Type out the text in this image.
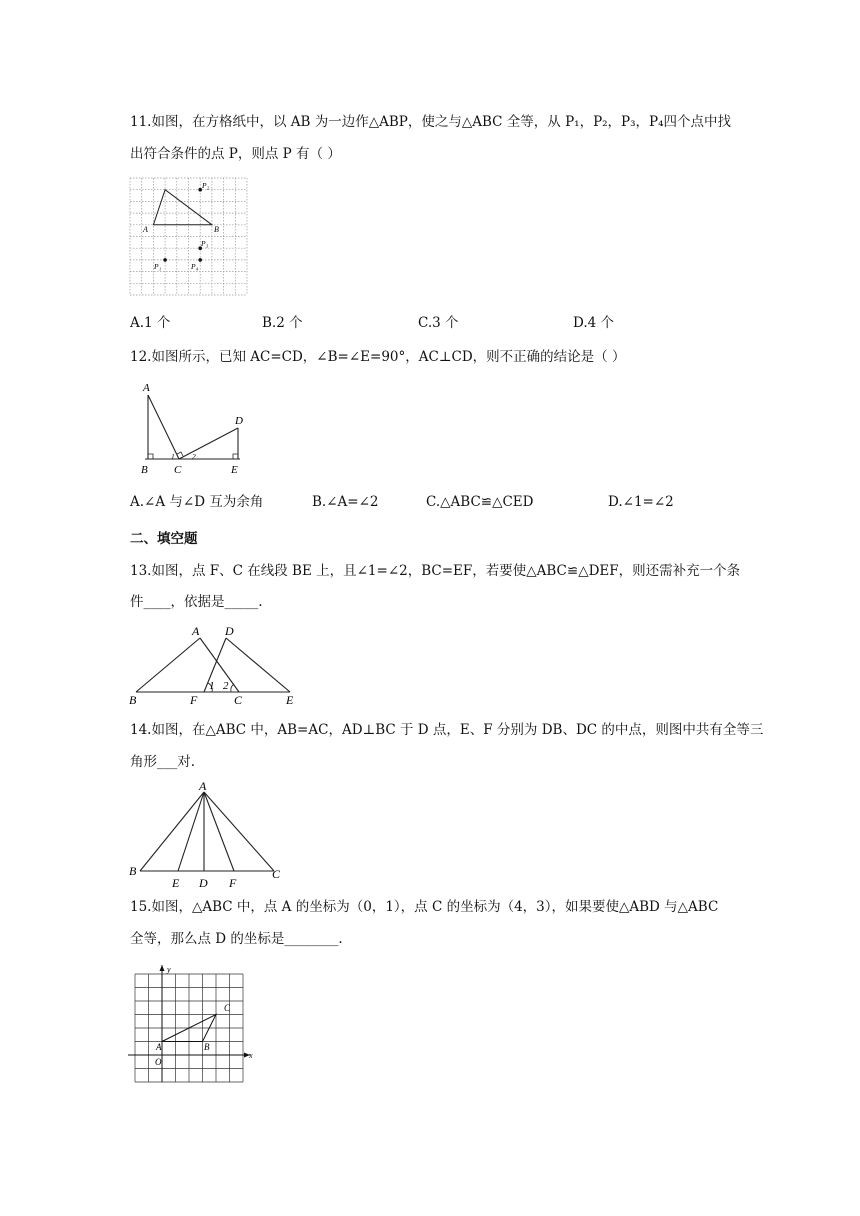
11.如图，在方格纸中，以 AB 为一边作△ABP，使之与△ABC 全等，从 P₁，P₂，P₃，P₄四个点中找
出符合条件的点 P，则点 P 有（ ）
A	B
P₂
P₃
P₄
P₁
A.1 个	B.2 个	C.3 个	D.4 个
12.如图所示，已知 AC=CD，∠B=∠E=90°，AC⊥CD，则不正确的结论是（ ）
A
B C
D
E
1 2
A.∠A 与∠D 互为余角	B.∠A=∠2	C.△ABC≌△CED	D.∠1=∠2
二、填空题
13.如图，点 F、C 在线段 BE 上，且∠1=∠2，BC=EF，若要使△ABC≌△DEF，则还需补充一个条
件____，依据是_____.
A D
B	F	C	E
1 2
14.如图，在△ABC 中，AB=AC，AD⊥BC 于 D 点，E、F 分别为 DB、DC 的中点，则图中共有全等三
角形___对.
A
B
E D F
C
15.如图，△ABC 中，点 A 的坐标为（0，1），点 C 的坐标为（4，3），如果要使△ABD 与△ABC
全等，那么点 D 的坐标是________.
y
x
A
O
B
C
